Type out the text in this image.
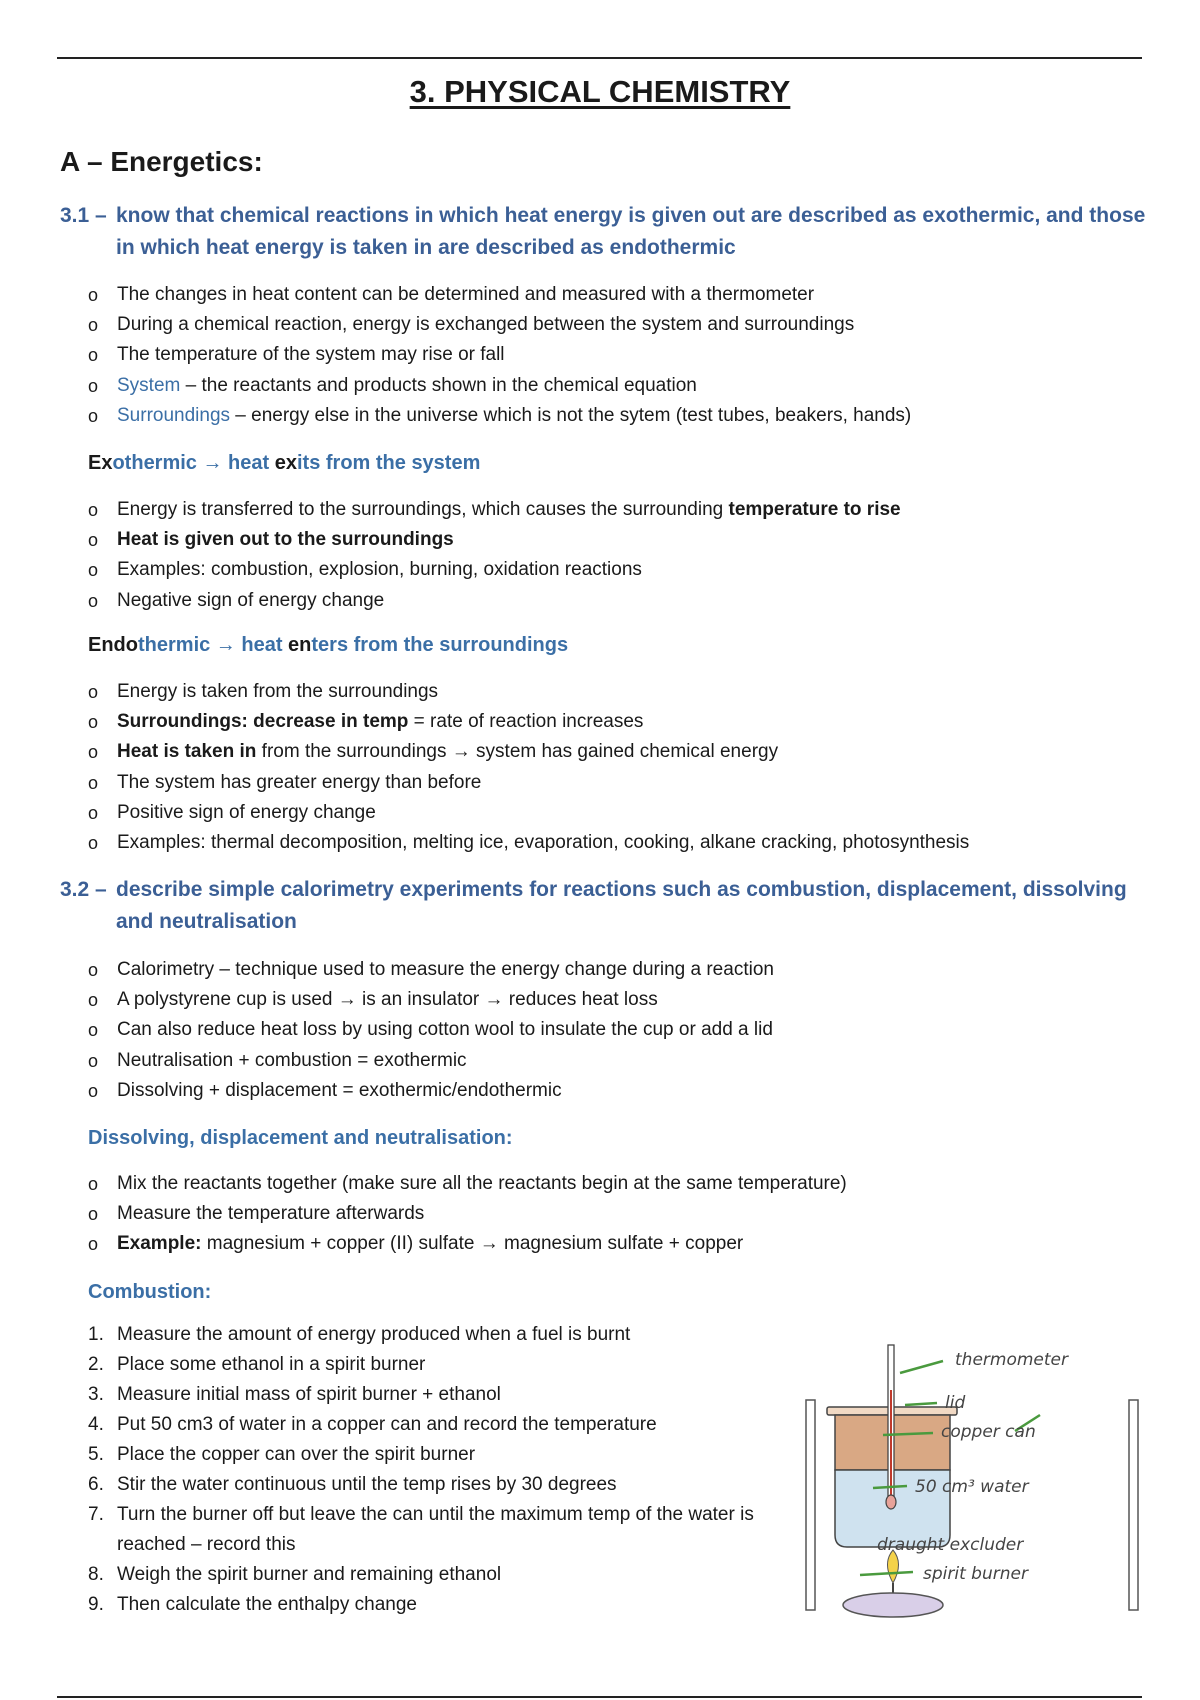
3. PHYSICAL CHEMISTRY
A – Energetics:
3.1 – know that chemical reactions in which heat energy is given out are described as exothermic, and those
in which heat energy is taken in are described as endothermic
o The changes in heat content can be determined and measured with a thermometer
o During a chemical reaction, energy is exchanged between the system and surroundings
o The temperature of the system may rise or fall
o System – the reactants and products shown in the chemical equation
o Surroundings – energy else in the universe which is not the sytem (test tubes, beakers, hands)
Exothermic → heat exits from the system
o Energy is transferred to the surroundings, which causes the surrounding temperature to rise
o Heat is given out to the surroundings
o Examples: combustion, explosion, burning, oxidation reactions
o Negative sign of energy change
Endothermic → heat enters from the surroundings
o Energy is taken from the surroundings
o Surroundings: decrease in temp = rate of reaction increases
o Heat is taken in from the surroundings → system has gained chemical energy
o The system has greater energy than before
o Positive sign of energy change
o Examples: thermal decomposition, melting ice, evaporation, cooking, alkane cracking, photosynthesis
3.2 – describe simple calorimetry experiments for reactions such as combustion, displacement, dissolving
and neutralisation
o Calorimetry – technique used to measure the energy change during a reaction
o A polystyrene cup is used → is an insulator → reduces heat loss
o Can also reduce heat loss by using cotton wool to insulate the cup or add a lid
o Neutralisation + combustion = exothermic
o Dissolving + displacement = exothermic/endothermic
Dissolving, displacement and neutralisation:
o Mix the reactants together (make sure all the reactants begin at the same temperature)
o Measure the temperature afterwards
o Example: magnesium + copper (II) sulfate → magnesium sulfate + copper
Combustion:
1. Measure the amount of energy produced when a fuel is burnt
2. Place some ethanol in a spirit burner
3. Measure initial mass of spirit burner + ethanol
4. Put 50 cm3 of water in a copper can and record the temperature
5. Place the copper can over the spirit burner
6. Stir the water continuous until the temp rises by 30 degrees
7. Turn the burner off but leave the can until the maximum temp of the water is reached – record this
8. Weigh the spirit burner and remaining ethanol
9. Then calculate the enthalpy change
thermometer
lid
copper can
50 cm³ water
draught excluder
spirit burner
